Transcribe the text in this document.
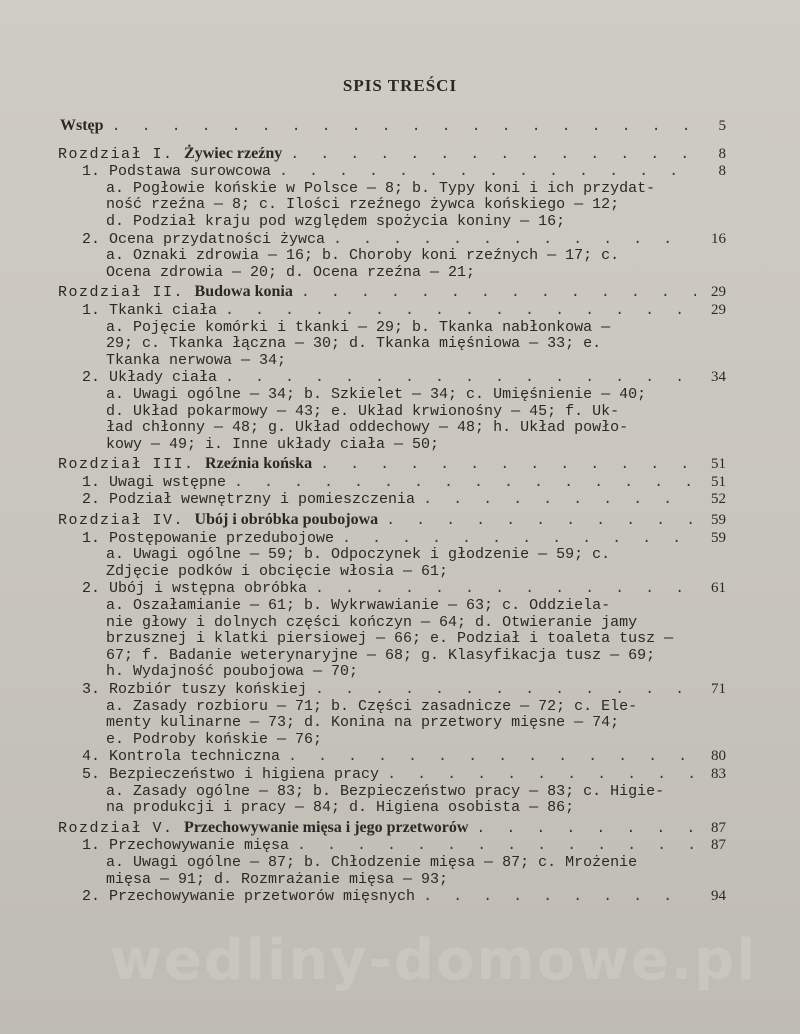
SPIS TREŚCI
Wstęp . . .	5
Rozdział I. Żywiec rzeźny . . .	8
1. Podstawa surowcowa . . .	8

a. Pogłowie końskie w Polsce — 8; b. Typy koni i ich przydat-

ność rzeźna — 8; c. Ilości rzeźnego żywca końskiego — 12;

d. Podział kraju pod względem spożycia koniny — 16;

2. Ocena przydatności żywca . . .	16

a. Oznaki zdrowia — 16; b. Choroby koni rzeźnych — 17; c.

Ocena zdrowia — 20; d. Ocena rzeźna — 21;

Rozdział II. Budowa konia . . .	29
1. Tkanki ciała . . .	29

a. Pojęcie komórki i tkanki — 29; b. Tkanka nabłonkowa —

29; c. Tkanka łączna — 30; d. Tkanka mięśniowa — 33; e.

Tkanka nerwowa — 34;

2. Układy ciała . . .	34

a. Uwagi ogólne — 34; b. Szkielet — 34; c. Umięśnienie — 40;

d. Układ pokarmowy — 43; e. Układ krwionośny — 45; f. Uk-

ład chłonny — 48; g. Układ oddechowy — 48; h. Układ powło-

kowy — 49; i. Inne układy ciała — 50;

Rozdział III. Rzeźnia końska . . .	51
1. Uwagi wstępne . . .	51
2. Podział wewnętrzny i pomieszczenia . . .	52
Rozdział IV. Ubój i obróbka poubojowa . . .	59
1. Postępowanie przedubojowe . . .	59

a. Uwagi ogólne — 59; b. Odpoczynek i głodzenie — 59; c.

Zdjęcie podków i obcięcie włosia — 61;

2. Ubój i wstępna obróbka . . .	61

a. Oszałamianie — 61; b. Wykrwawianie — 63; c. Oddziela-

nie głowy i dolnych części kończyn — 64; d. Otwieranie jamy

brzusznej i klatki piersiowej — 66; e. Podział i toaleta tusz —

67; f. Badanie weterynaryjne — 68; g. Klasyfikacja tusz — 69;

h. Wydajność poubojowa — 70;

3. Rozbiór tuszy końskiej . . .	71

a. Zasady rozbioru — 71; b. Części zasadnicze — 72; c. Ele-

menty kulinarne — 73; d. Konina na przetwory mięsne — 74;

e. Podroby końskie — 76;

4. Kontrola techniczna . . .	80
5. Bezpieczeństwo i higiena pracy . . .	83

a. Zasady ogólne — 83; b. Bezpieczeństwo pracy — 83; c. Higie-

na produkcji i pracy — 84; d. Higiena osobista — 86;

Rozdział V. Przechowywanie mięsa i jego przetworów . . .	87
1. Przechowywanie mięsa . . .	87

a. Uwagi ogólne — 87; b. Chłodzenie mięsa — 87; c. Mrożenie

mięsa — 91; d. Rozmrażanie mięsa — 93;

2. Przechowywanie przetworów mięsnych . . .	94
wedliny-domowe.pl
